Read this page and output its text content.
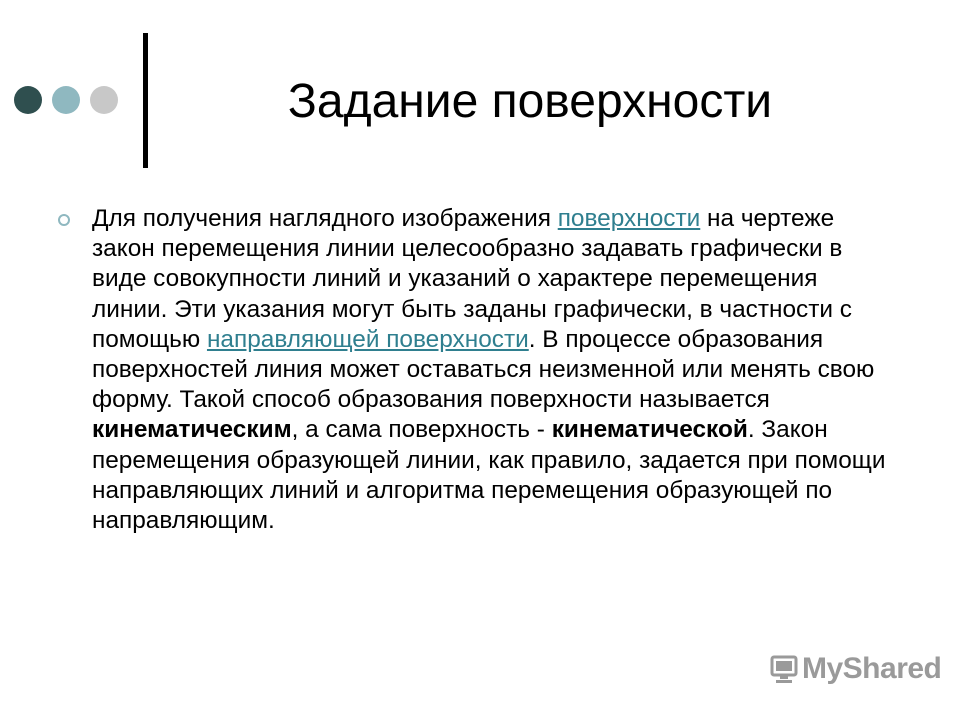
Задание поверхности
Для получения наглядного изображения поверхности на чертеже закон перемещения линии целесообразно задавать графически в виде совокупности линий и указаний о характере перемещения линии. Эти указания могут быть заданы графически, в частности с помощью направляющей поверхности. В процессе образования поверхностей линия может оставаться неизменной или менять свою форму. Такой способ образования поверхности называется кинематическим, а сама поверхность - кинематической. Закон перемещения образующей линии, как правило, задается при помощи направляющих линий и алгоритма перемещения образующей по направляющим.
MyShared
